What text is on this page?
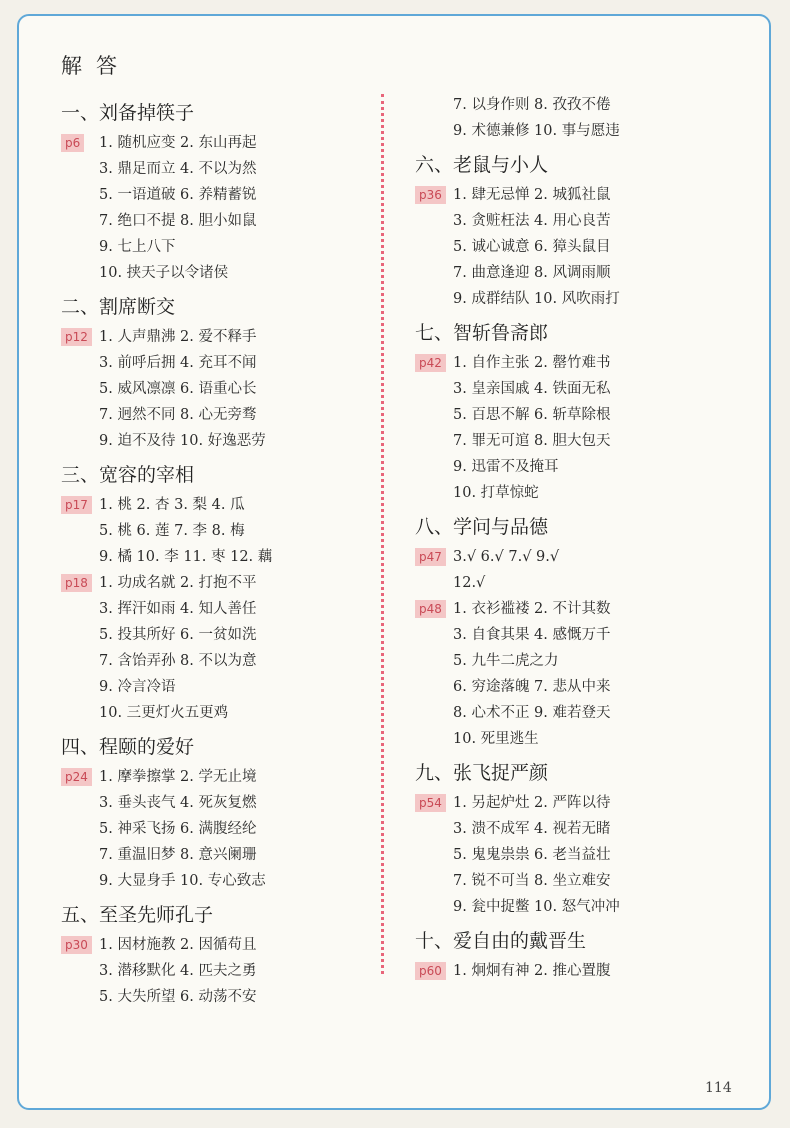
解答
一、刘备掉筷子
p6 1. 随机应变 2. 东山再起
3. 鼎足而立 4. 不以为然
5. 一语道破 6. 养精蓄锐
7. 绝口不提 8. 胆小如鼠
9. 七上八下
10. 挟天子以令诸侯
二、割席断交
p12 1. 人声鼎沸 2. 爱不释手
3. 前呼后拥 4. 充耳不闻
5. 威风凛凛 6. 语重心长
7. 迥然不同 8. 心无旁骛
9. 迫不及待 10. 好逸恶劳
三、宽容的宰相
p17 1. 桃 2. 杏 3. 梨 4. 瓜
5. 桃 6. 莲 7. 李 8. 梅
9. 橘 10. 李 11. 枣 12. 藕
p18 1. 功成名就 2. 打抱不平
3. 挥汗如雨 4. 知人善任
5. 投其所好 6. 一贫如洗
7. 含饴弄孙 8. 不以为意
9. 冷言冷语
10. 三更灯火五更鸡
四、程颐的爱好
p24 1. 摩拳擦掌 2. 学无止境
3. 垂头丧气 4. 死灰复燃
5. 神采飞扬 6. 满腹经纶
7. 重温旧梦 8. 意兴阑珊
9. 大显身手 10. 专心致志
五、至圣先师孔子
p30 1. 因材施教 2. 因循苟且
3. 潜移默化 4. 匹夫之勇
5. 大失所望 6. 动荡不安
7. 以身作则 8. 孜孜不倦
9. 术德兼修 10. 事与愿违
六、老鼠与小人
p36 1. 肆无忌惮 2. 城狐社鼠
3. 贪赃枉法 4. 用心良苦
5. 诚心诚意 6. 獐头鼠目
7. 曲意逢迎 8. 风调雨顺
9. 成群结队 10. 风吹雨打
七、智斩鲁斋郎
p42 1. 自作主张 2. 罄竹难书
3. 皇亲国戚 4. 铁面无私
5. 百思不解 6. 斩草除根
7. 罪无可逭 8. 胆大包天
9. 迅雷不及掩耳
10. 打草惊蛇
八、学问与品德
p47 3.√ 6.√ 7.√ 9.√
12.√
p48 1. 衣衫褴褛 2. 不计其数
3. 自食其果 4. 感慨万千
5. 九牛二虎之力
6. 穷途落魄 7. 悲从中来
8. 心术不正 9. 难若登天
10. 死里逃生
九、张飞捉严颜
p54 1. 另起炉灶 2. 严阵以待
3. 溃不成军 4. 视若无睹
5. 鬼鬼祟祟 6. 老当益壮
7. 锐不可当 8. 坐立难安
9. 瓮中捉鳖 10. 怒气冲冲
十、爱自由的戴晋生
p60 1. 炯炯有神 2. 推心置腹
114
